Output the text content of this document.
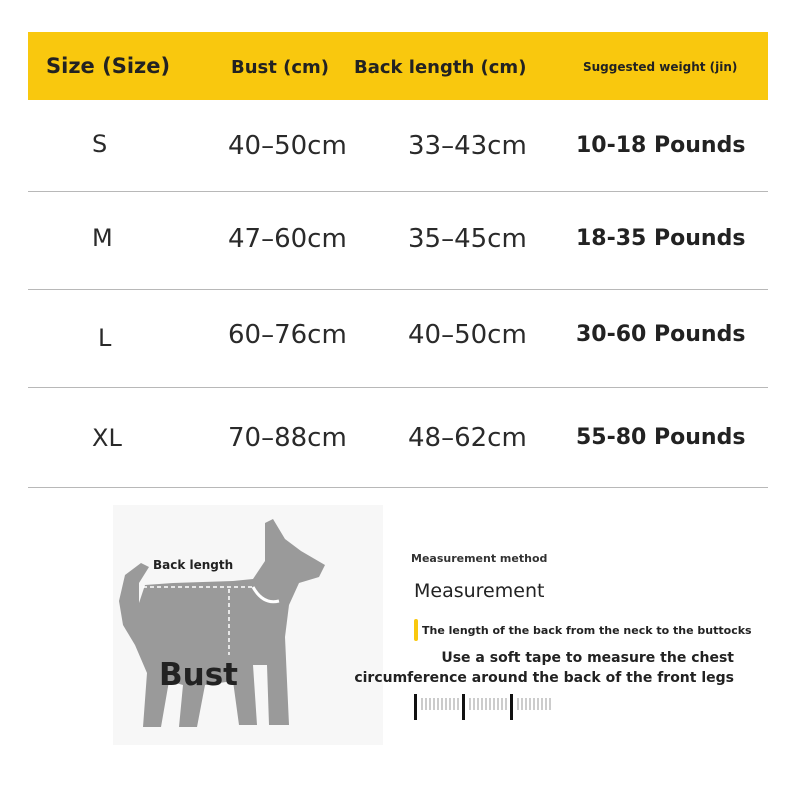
Size (Size)	Bust (cm) Back length (cm)	Suggested weight (jin)
S	40–50cm 33–43cm 10-18 Pounds
M	47–60cm 35–45cm 18-35 Pounds
L	60–76cm 40–50cm 30-60 Pounds
XL	70–88cm 48–62cm 55-80 Pounds
Back length
Bust
Measurement method
Measurement
The length of the back from the neck to the buttocks
Use a soft tape to measure the chest circumference around the back of the front legs
